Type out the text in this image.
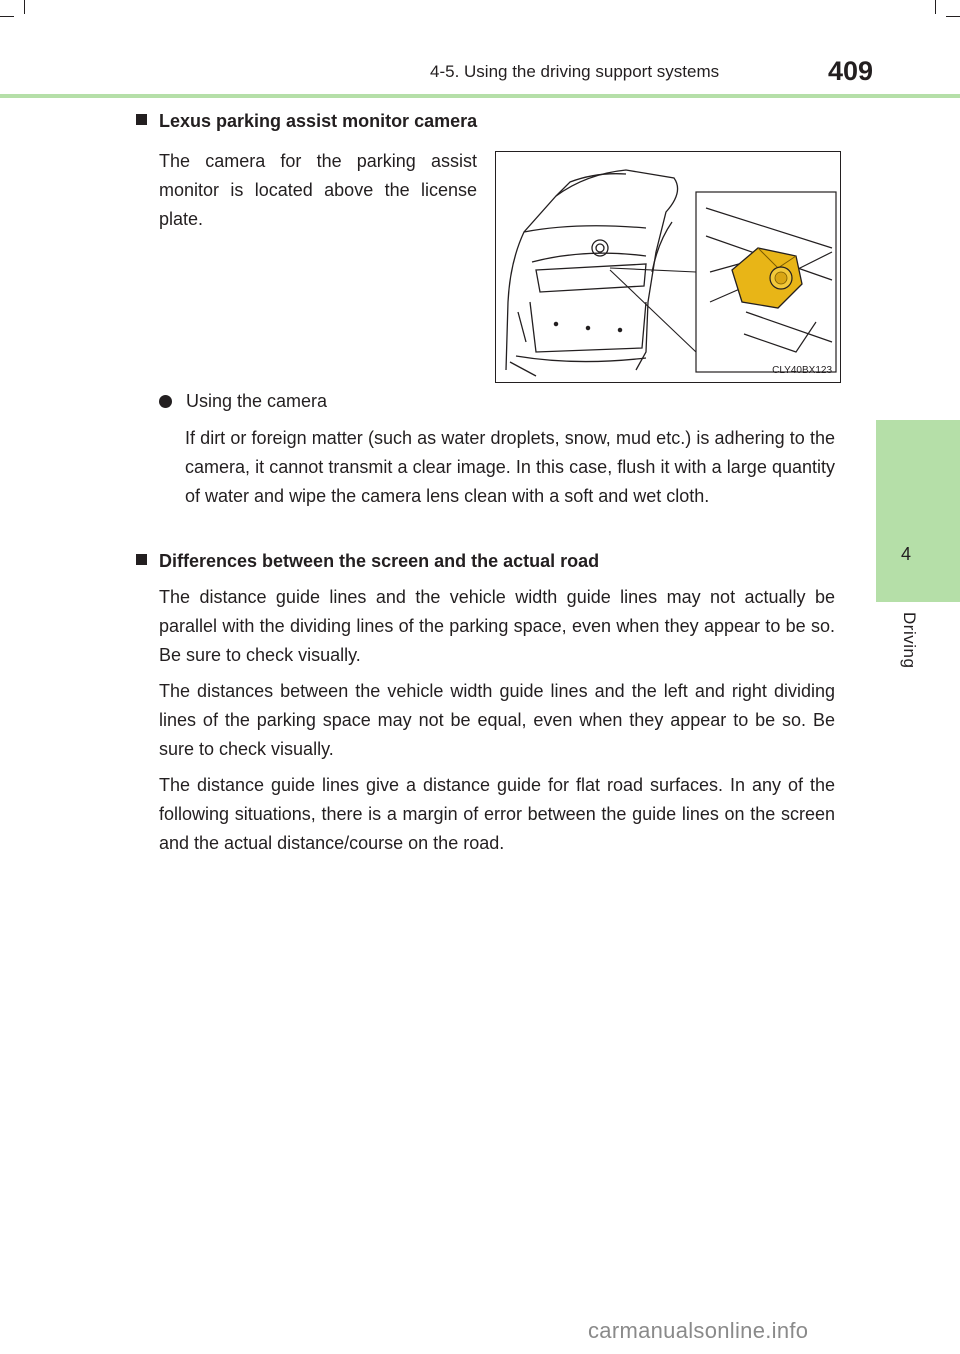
4-5. Using the driving support systems	409
4
Driving
Lexus parking assist monitor camera

The camera for the parking assist monitor is located above the license plate.

CLY40BX123
Using the camera

If dirt or foreign matter (such as water droplets, snow, mud etc.) is adhering to the camera, it cannot transmit a clear image. In this case, flush it with a large quantity of water and wipe the camera lens clean with a soft and wet cloth.

Differences between the screen and the actual road

The distance guide lines and the vehicle width guide lines may not actually be parallel with the dividing lines of the parking space, even when they appear to be so. Be sure to check visually.

The distances between the vehicle width guide lines and the left and right dividing lines of the parking space may not be equal, even when they appear to be so. Be sure to check visually.

The distance guide lines give a distance guide for flat road surfaces. In any of the following situations, there is a margin of error between the guide lines on the screen and the actual distance/course on the road.

carmanualsonline.info
